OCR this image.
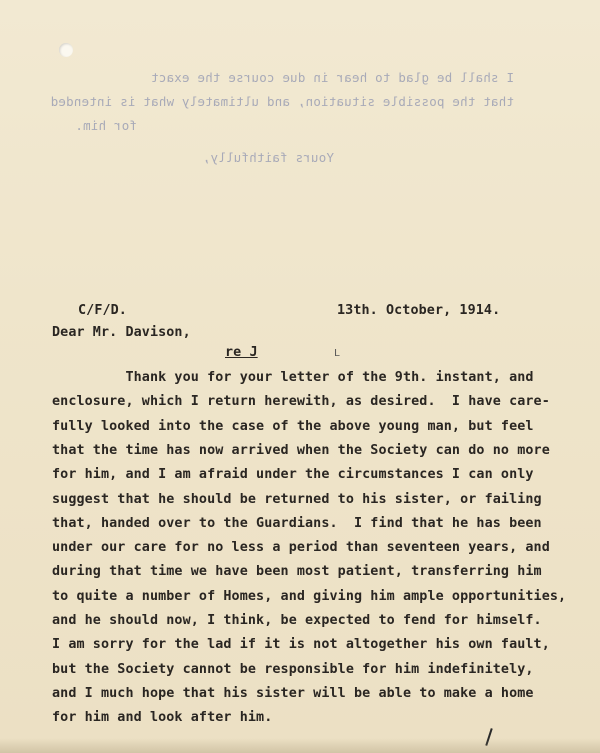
I shall be glad to hear in due course the exact
that the possible situation, and ultimately what is intended
for him.
Yours faithfully,
C/F/D.	13th. October, 1914.
Dear Mr. Davison,
re J
Thank you for your letter of the 9th. instant, and
enclosure, which I return herewith, as desired.  I have care-
fully looked into the case of the above young man, but feel
that the time has now arrived when the Society can do no more
for him, and I am afraid under the circumstances I can only
suggest that he should be returned to his sister, or failing
that, handed over to the Guardians.  I find that he has been
under our care for no less a period than seventeen years, and
during that time we have been most patient, transferring him
to quite a number of Homes, and giving him ample opportunities,
and he should now, I think, be expected to fend for himself.
I am sorry for the lad if it is not altogether his own fault,
but the Society cannot be responsible for him indefinitely,
and I much hope that his sister will be able to make a home
for him and look after him.
L
